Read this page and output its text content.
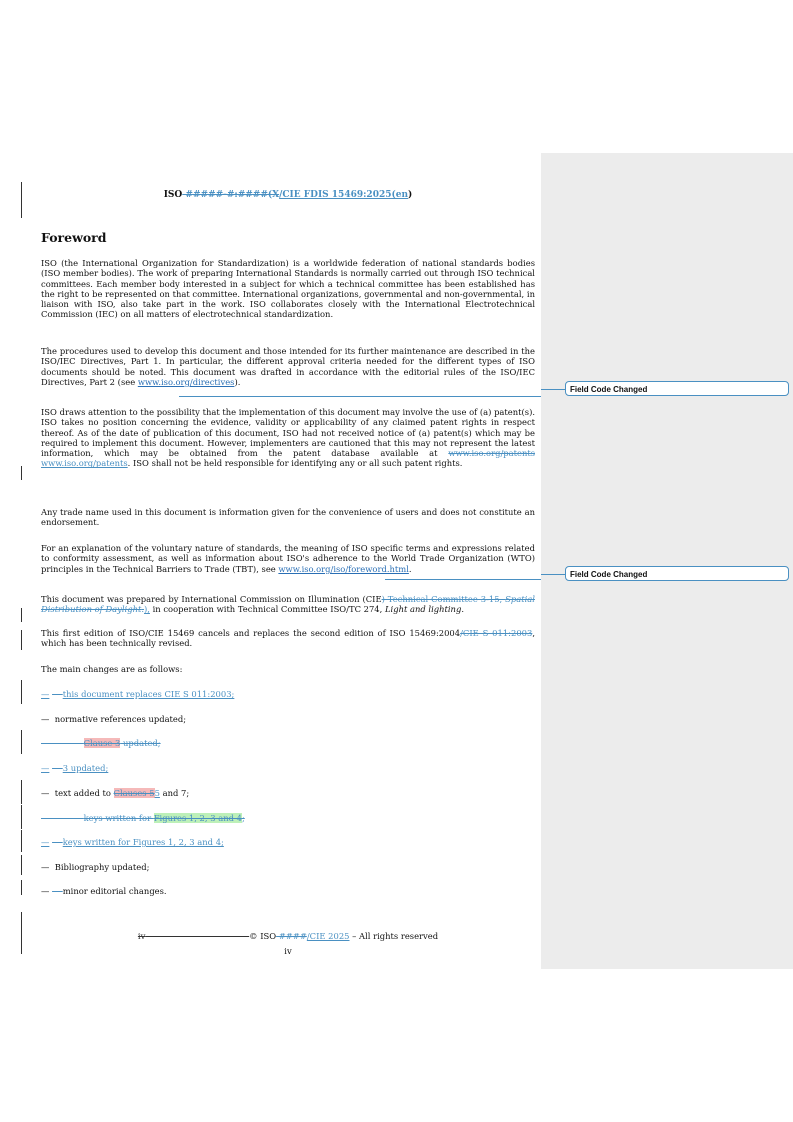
ISO #####-#:####(X/CIE FDIS 15469:2025(en)
Foreword

ISO (the International Organization for Standardization) is a worldwide federation of national standards bodies (ISO member bodies). The work of preparing International Standards is normally carried out through ISO technical committees. Each member body interested in a subject for which a technical committee has been established has the right to be represented on that committee. International organizations, governmental and non-governmental, in liaison with ISO, also take part in the work. ISO collaborates closely with the International Electrotechnical Commission (IEC) on all matters of electrotechnical standardization.

The procedures used to develop this document and those intended for its further maintenance are described in the ISO/IEC Directives, Part 1. In particular, the different approval criteria needed for the different types of ISO documents should be noted. This document was drafted in accordance with the editorial rules of the ISO/IEC Directives, Part 2 (see www.iso.org/directives).

ISO draws attention to the possibility that the implementation of this document may involve the use of (a) patent(s). ISO takes no position concerning the evidence, validity or applicability of any claimed patent rights in respect thereof. As of the date of publication of this document, ISO had not received notice of (a) patent(s) which may be required to implement this document. However, implementers are cautioned that this may not represent the latest information, which may be obtained from the patent database available at www.iso.org/patents www.iso.org/patents. ISO shall not be held responsible for identifying any or all such patent rights.

Any trade name used in this document is information given for the convenience of users and does not constitute an endorsement.

For an explanation of the voluntary nature of standards, the meaning of ISO specific terms and expressions related to conformity assessment, as well as information about ISO's adherence to the World Trade Organization (WTO) principles in the Technical Barriers to Trade (TBT), see www.iso.org/iso/foreword.html.

This document was prepared by International Commission on Illumination (CIE) Technical Committee 3-15, Spatial Distribution of Daylight.), in cooperation with Technical Committee ISO/TC 274, Light and lighting.

This first edition of ISO/CIE 15469 cancels and replaces the second edition of ISO 15469:2004/CIE S 011:2003, which has been technically revised.

The main changes are as follows:

— this document replaces CIE S 011:2003;
— normative references updated;
Clause 3 updated;
— 3 updated;
— text added to Clauses 55 and 7;
keys written for Figures 1, 2, 3 and 4;
— keys written for Figures 1, 2, 3 and 4;
— Bibliography updated;
— minor editorial changes.
iv	© ISO ####/CIE 2025 – All rights reserved
iv
Field Code Changed
Field Code Changed
